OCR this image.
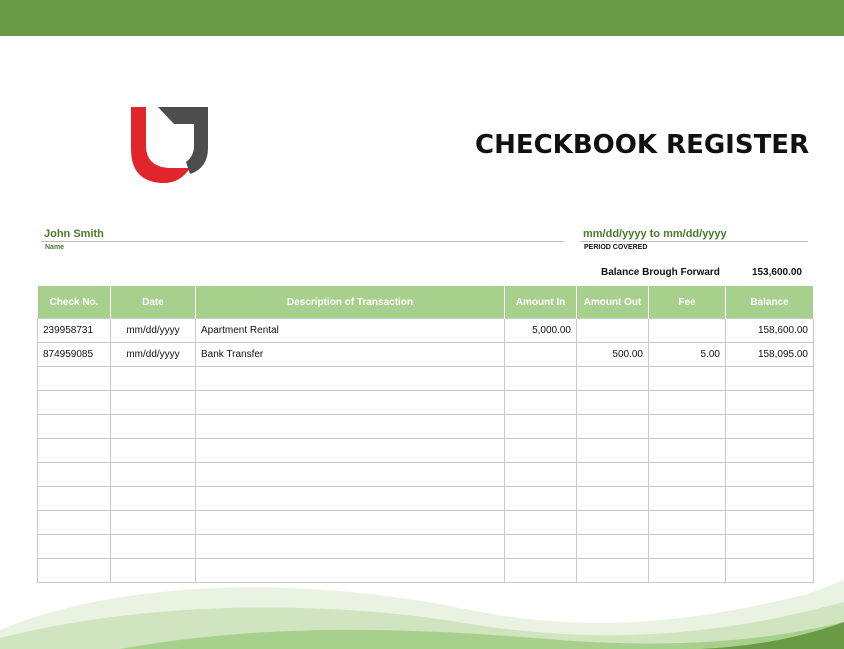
CHECKBOOK REGISTER
John Smith
Name
mm/dd/yyyy to mm/dd/yyyy
PERIOD COVERED
Balance Brough Forward	153,600.00
Check No.	Date	Description of Transaction	Amount In	Amount Out	Fee	Balance
239958731	mm/dd/yyyy	Apartment Rental	5,000.00			158,600.00
874959085	mm/dd/yyyy	Bank Transfer		500.00	5.00	158,095.00
